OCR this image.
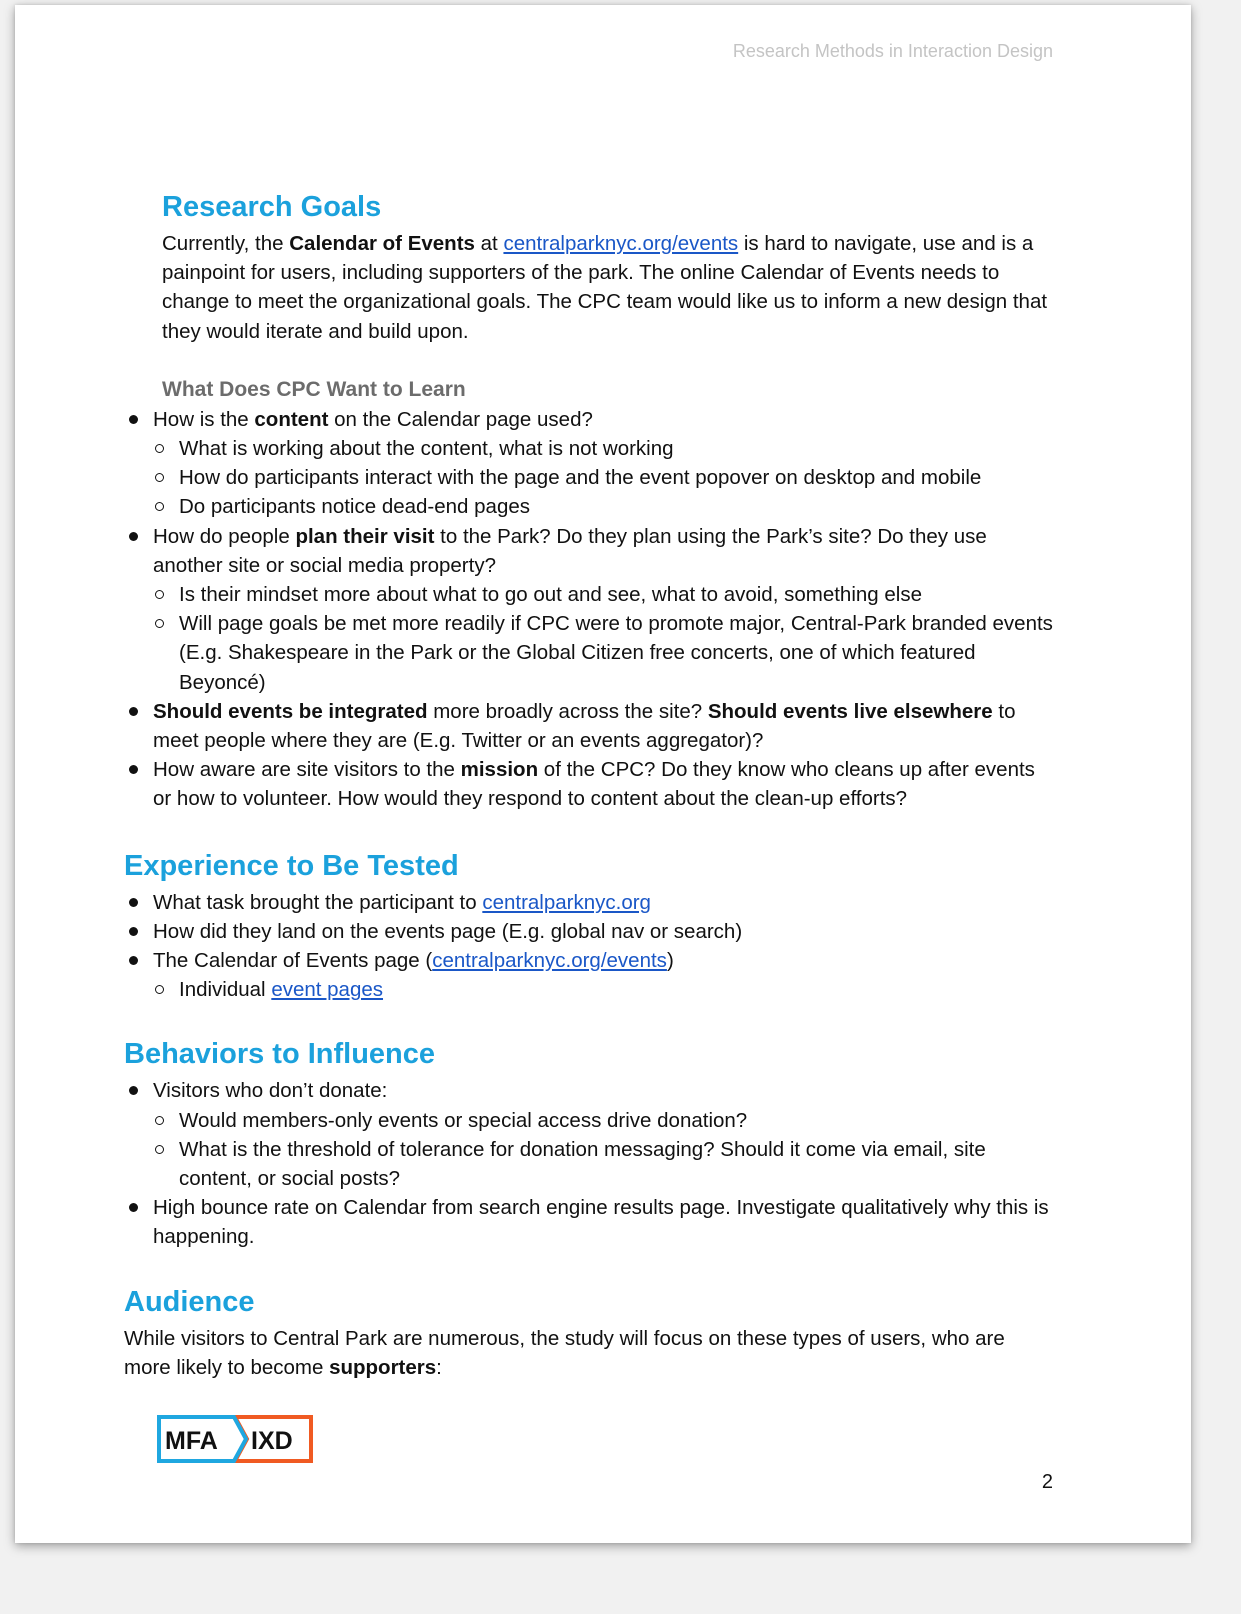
Research Methods in Interaction Design
Research Goals

Currently, the Calendar of Events at centralparknyc.org/events is hard to navigate, use and is a painpoint for users, including supporters of the park. The online Calendar of Events needs to change to meet the organizational goals. The CPC team would like us to inform a new design that they would iterate and build upon.

What Does CPC Want to Learn
How is the content on the Calendar page used?
What is working about the content, what is not working
How do participants interact with the page and the event popover on desktop and mobile
Do participants notice dead-end pages
How do people plan their visit to the Park? Do they plan using the Park’s site? Do they use another site or social media property?
Is their mindset more about what to go out and see, what to avoid, something else
Will page goals be met more readily if CPC were to promote major, Central-Park branded events (E.g. Shakespeare in the Park or the Global Citizen free concerts, one of which featured Beyoncé)
Should events be integrated more broadly across the site? Should events live elsewhere to meet people where they are (E.g. Twitter or an events aggregator)?
How aware are site visitors to the mission of the CPC? Do they know who cleans up after events or how to volunteer. How would they respond to content about the clean-up efforts?
Experience to Be Tested
What task brought the participant to centralparknyc.org
How did they land on the events page (E.g. global nav or search)
The Calendar of Events page (centralparknyc.org/events)
Individual event pages
Behaviors to Influence
Visitors who don’t donate:
Would members-only events or special access drive donation?
What is the threshold of tolerance for donation messaging? Should it come via email, site content, or social posts?
High bounce rate on Calendar from search engine results page. Investigate qualitatively why this is happening.
Audience

While visitors to Central Park are numerous, the study will focus on these types of users, who are more likely to become supporters:

MFA IXD
2
